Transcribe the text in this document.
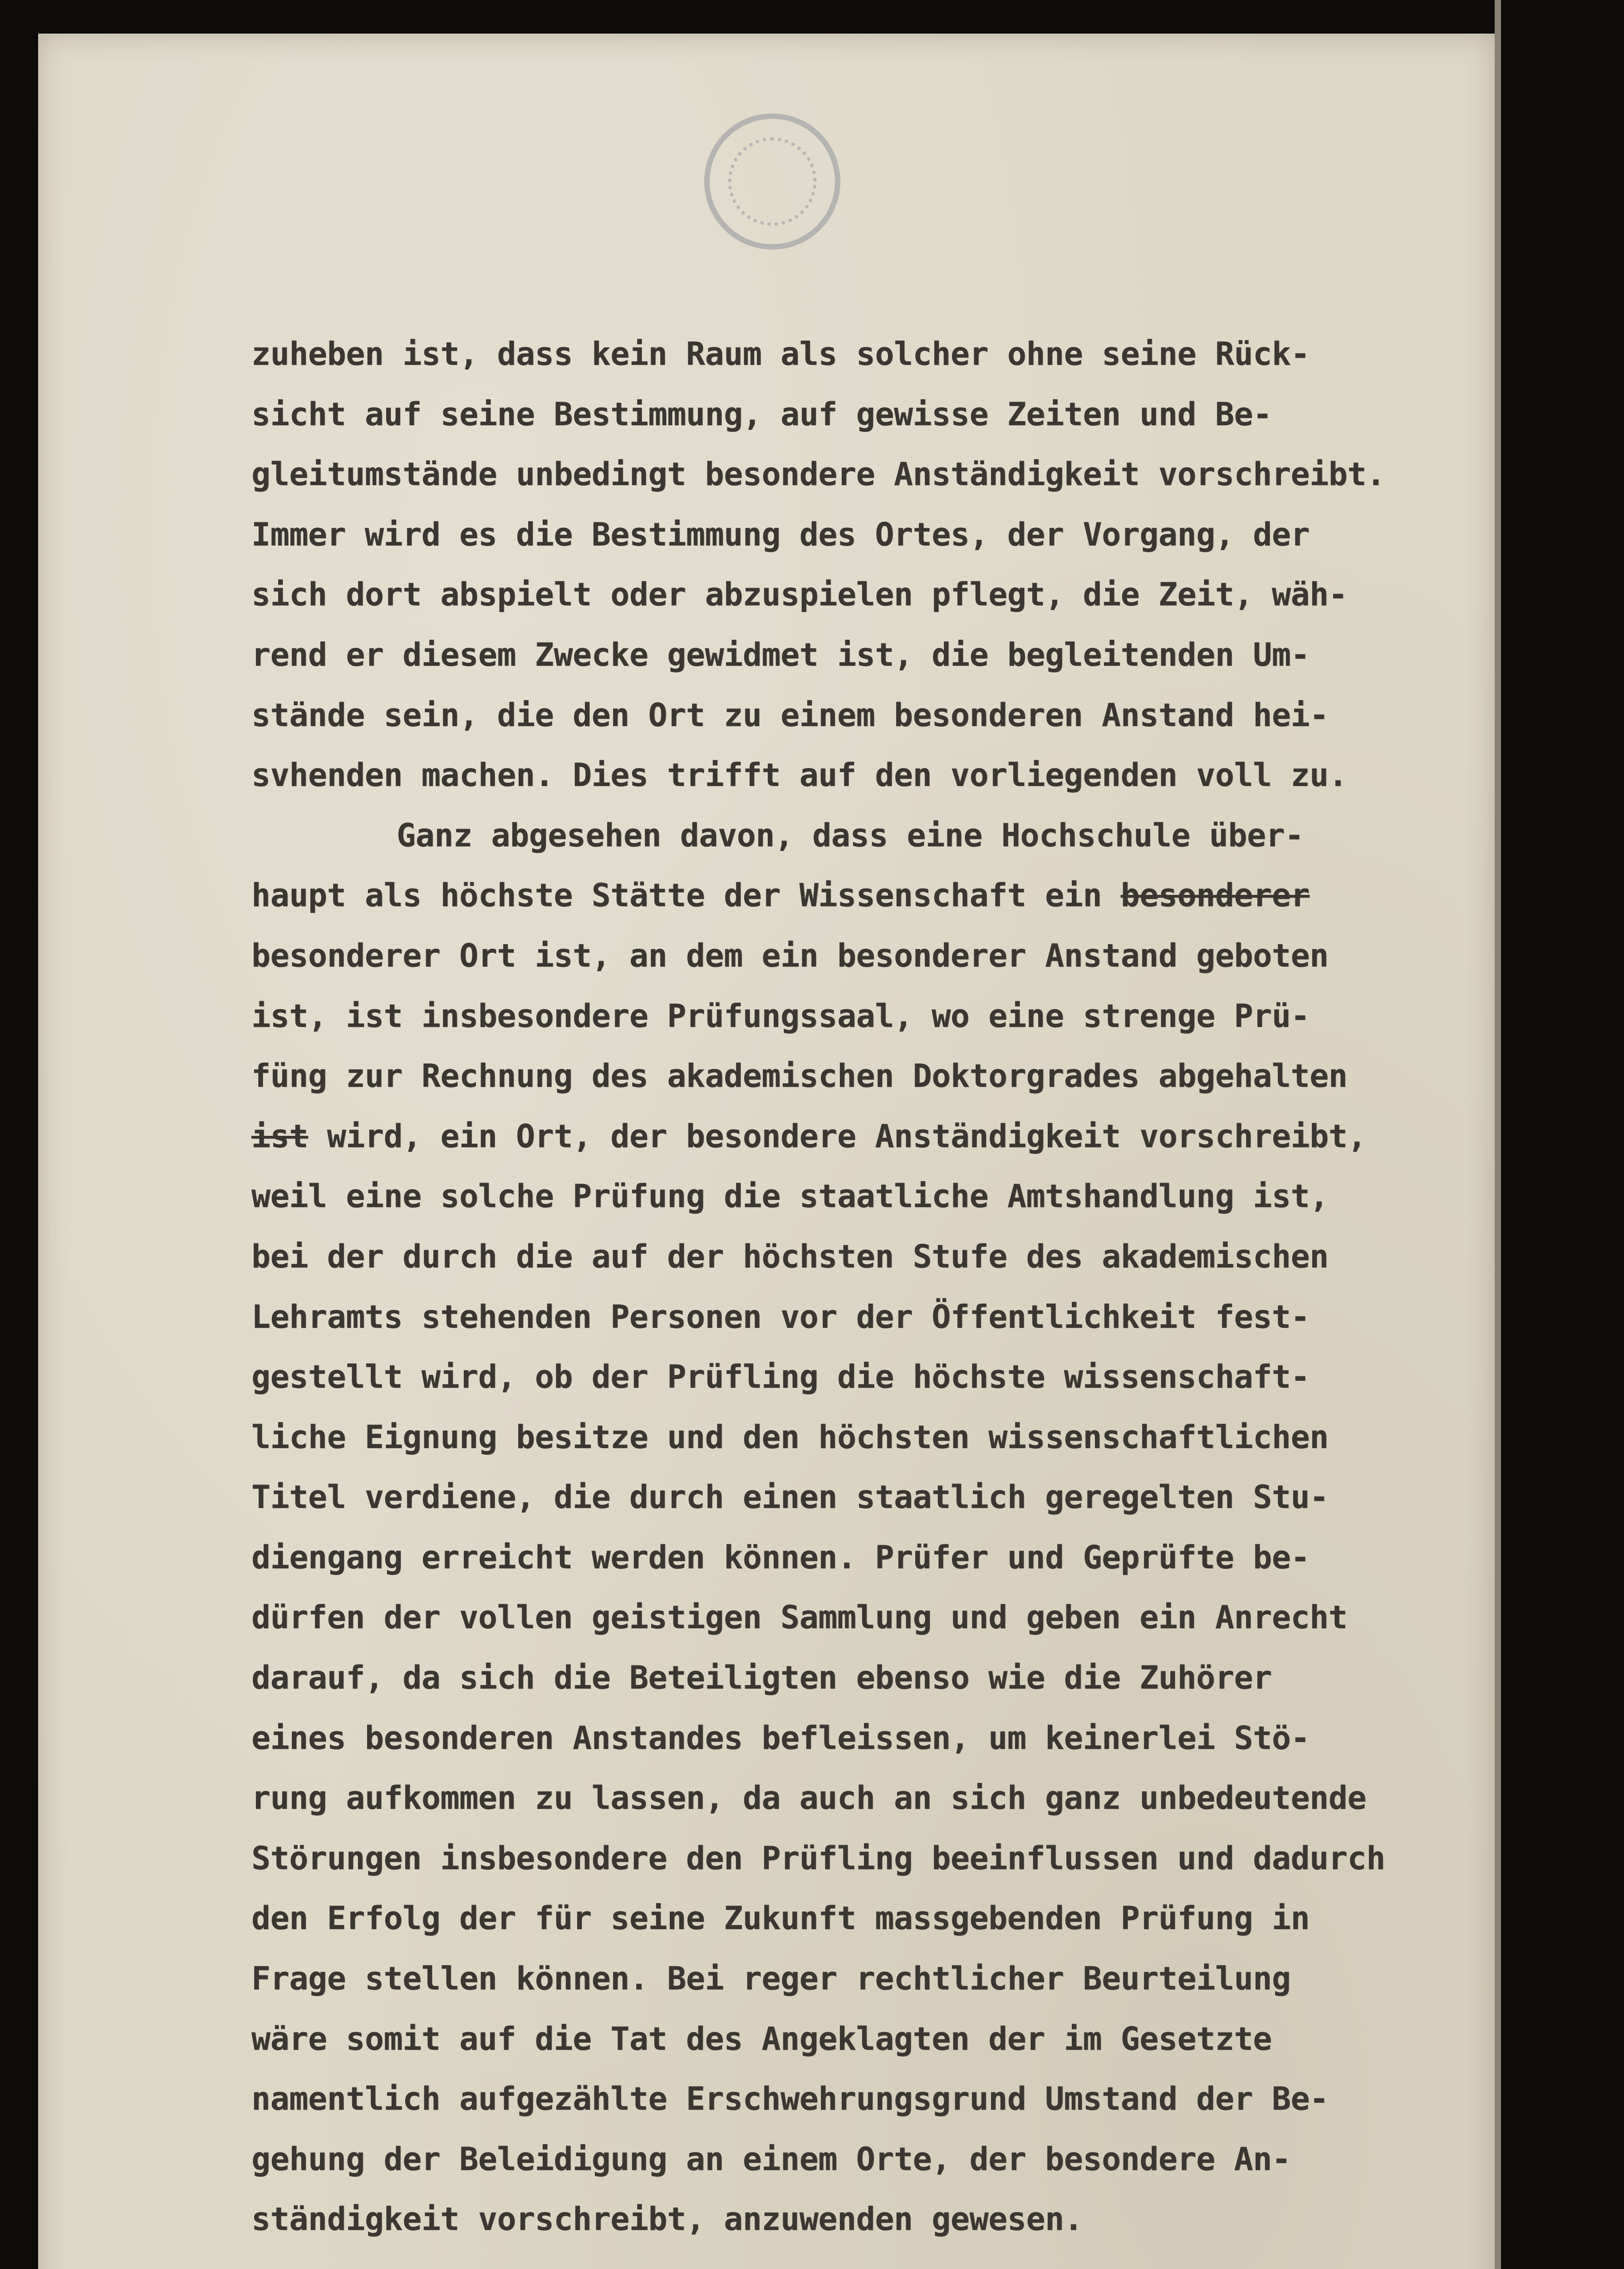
zuheben ist, dass kein Raum als solcher ohne seine Rück-
sicht auf seine Bestimmung, auf gewisse Zeiten und Be-
gleitumstände unbedingt besondere Anständigkeit vorschreibt.
Immer wird es die Bestimmung des Ortes, der Vorgang, der
sich dort abspielt oder abzuspielen pflegt, die Zeit, wäh-
rend er diesem Zwecke gewidmet ist, die begleitenden Um-
stände sein, die den Ort zu einem besonderen Anstand hei-
svhenden machen. Dies trifft auf den vorliegenden voll zu.
Ganz abgesehen davon, dass eine Hochschule über-
haupt als höchste Stätte der Wissenschaft ein besonderer
besonderer Ort ist, an dem ein besonderer Anstand geboten
ist, ist insbesondere Prüfungssaal, wo eine strenge Prü-
füng zur Rechnung des akademischen Doktorgrades abgehalten
ist wird, ein Ort, der besondere Anständigkeit vorschreibt,
weil eine solche Prüfung die staatliche Amtshandlung ist,
bei der durch die auf der höchsten Stufe des akademischen
Lehramts stehenden Personen vor der Öffentlichkeit fest-
gestellt wird, ob der Prüfling die höchste wissenschaft-
liche Eignung besitze und den höchsten wissenschaftlichen
Titel verdiene, die durch einen staatlich geregelten Stu-
diengang erreicht werden können. Prüfer und Geprüfte be-
dürfen der vollen geistigen Sammlung und geben ein Anrecht
darauf, da sich die Beteiligten ebenso wie die Zuhörer
eines besonderen Anstandes befleissen, um keinerlei Stö-
rung aufkommen zu lassen, da auch an sich ganz unbedeutende
Störungen insbesondere den Prüfling beeinflussen und dadurch
den Erfolg der für seine Zukunft massgebenden Prüfung in
Frage stellen können. Bei reger rechtlicher Beurteilung
wäre somit auf die Tat des Angeklagten der im Gesetzte
namentlich aufgezählte Erschwehrungsgrund Umstand der Be-
gehung der Beleidigung an einem Orte, der besondere An-
ständigkeit vorschreibt, anzuwenden gewesen.
